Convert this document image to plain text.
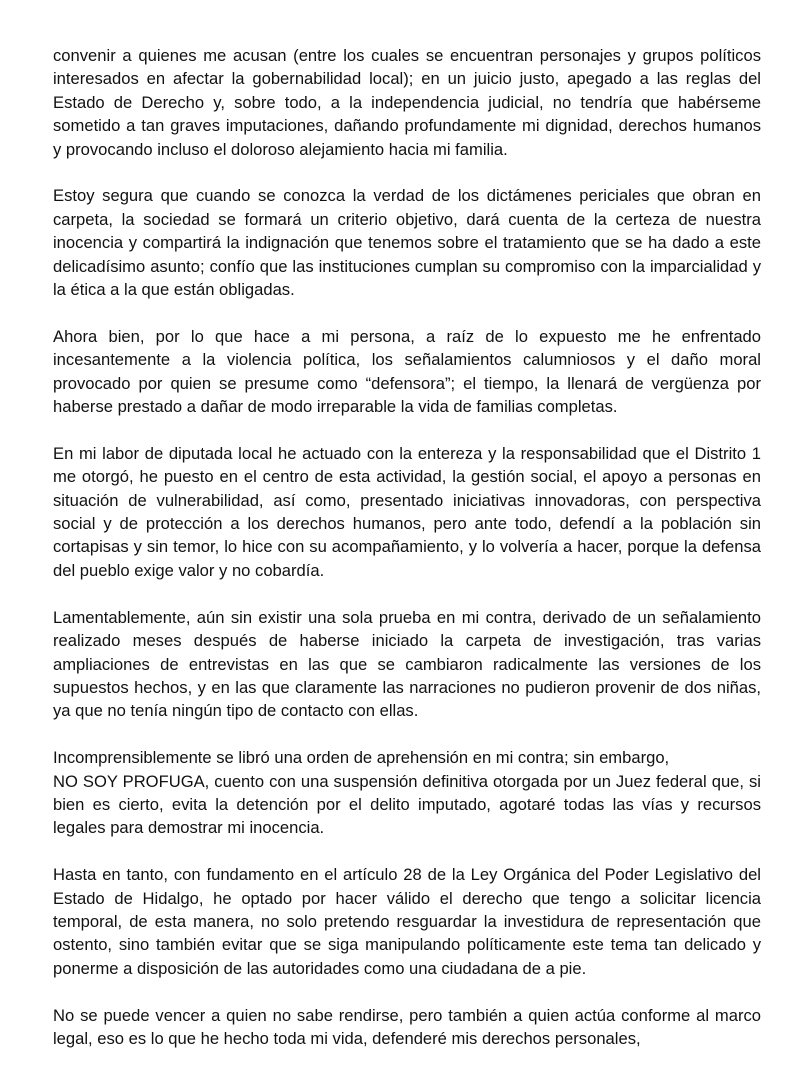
convenir a quienes me acusan (entre los cuales se encuentran personajes y grupos políticos interesados en afectar la gobernabilidad local); en un juicio justo, apegado a las reglas del Estado de Derecho y, sobre todo, a la independencia judicial, no tendría que habérseme sometido a tan graves imputaciones, dañando profundamente mi dignidad, derechos humanos y provocando incluso el doloroso alejamiento hacia mi familia.

Estoy segura que cuando se conozca la verdad de los dictámenes periciales que obran en carpeta, la sociedad se formará un criterio objetivo, dará cuenta de la certeza de nuestra inocencia y compartirá la indignación que tenemos sobre el tratamiento que se ha dado a este delicadísimo asunto; confío que las instituciones cumplan su compromiso con la imparcialidad y la ética a la que están obligadas.

Ahora bien, por lo que hace a mi persona, a raíz de lo expuesto me he enfrentado incesantemente a la violencia política, los señalamientos calumniosos y el daño moral provocado por quien se presume como “defensora”; el tiempo, la llenará de vergüenza por haberse prestado a dañar de modo irreparable la vida de familias completas.

En mi labor de diputada local he actuado con la entereza y la responsabilidad que el Distrito 1 me otorgó, he puesto en el centro de esta actividad, la gestión social, el apoyo a personas en situación de vulnerabilidad, así como, presentado iniciativas innovadoras, con perspectiva social y de protección a los derechos humanos, pero ante todo, defendí a la población sin cortapisas y sin temor, lo hice con su acompañamiento, y lo volvería a hacer, porque la defensa del pueblo exige valor y no cobardía.

Lamentablemente, aún sin existir una sola prueba en mi contra, derivado de un señalamiento realizado meses después de haberse iniciado la carpeta de investigación, tras varias ampliaciones de entrevistas en las que se cambiaron radicalmente las versiones de los supuestos hechos, y en las que claramente las narraciones no pudieron provenir de dos niñas, ya que no tenía ningún tipo de contacto con ellas.

Incomprensiblemente se libró una orden de aprehensión en mi contra; sin embargo,
NO SOY PROFUGA, cuento con una suspensión definitiva otorgada por un Juez federal que, si bien es cierto, evita la detención por el delito imputado, agotaré todas las vías y recursos legales para demostrar mi inocencia.

Hasta en tanto, con fundamento en el artículo 28 de la Ley Orgánica del Poder Legislativo del Estado de Hidalgo, he optado por hacer válido el derecho que tengo a solicitar licencia temporal, de esta manera, no solo pretendo resguardar la investidura de representación que ostento, sino también evitar que se siga manipulando políticamente este tema tan delicado y ponerme a disposición de las autoridades como una ciudadana de a pie.

No se puede vencer a quien no sabe rendirse, pero también a quien actúa conforme al marco legal, eso es lo que he hecho toda mi vida, defenderé mis derechos personales,
